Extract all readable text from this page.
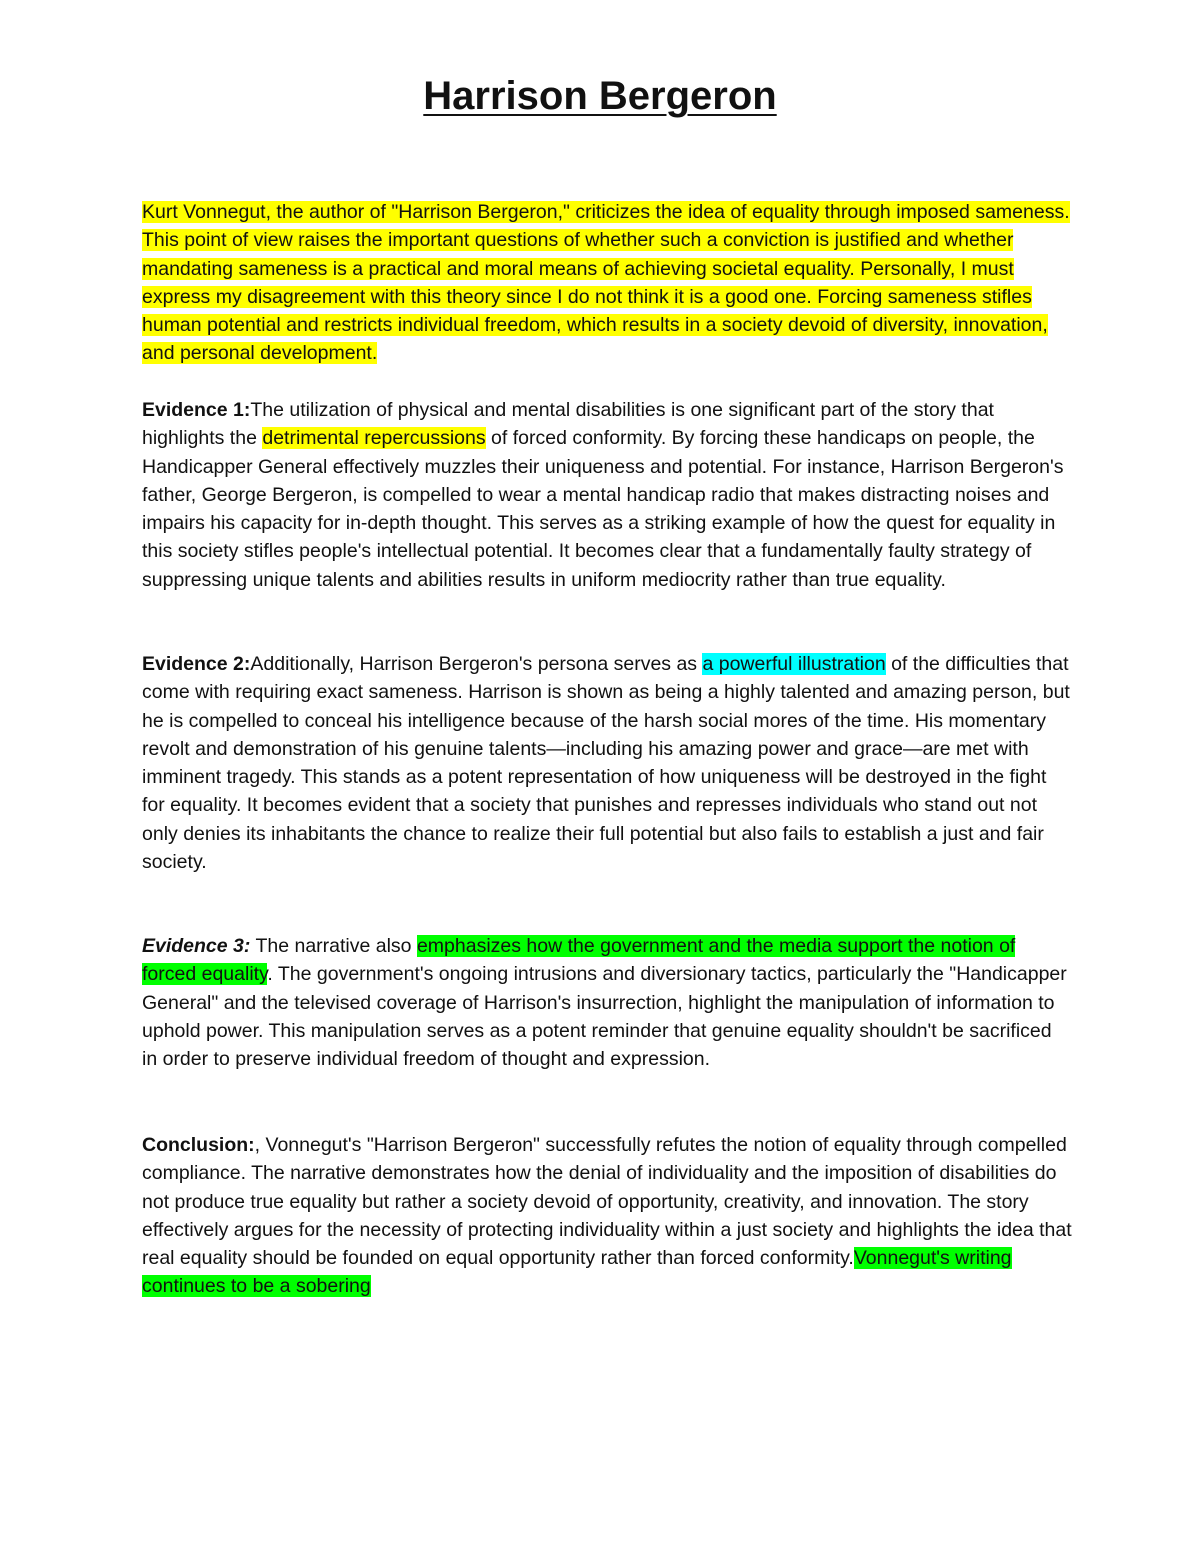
Harrison Bergeron

Kurt Vonnegut, the author of "Harrison Bergeron," criticizes the idea of equality through imposed sameness. This point of view raises the important questions of whether such a conviction is justified and whether mandating sameness is a practical and moral means of achieving societal equality. Personally, I must express my disagreement with this theory since I do not think it is a good one. Forcing sameness stifles human potential and restricts individual freedom, which results in a society devoid of diversity, innovation, and personal development.

Evidence 1:The utilization of physical and mental disabilities is one significant part of the story that highlights the detrimental repercussions of forced conformity. By forcing these handicaps on people, the Handicapper General effectively muzzles their uniqueness and potential. For instance, Harrison Bergeron's father, George Bergeron, is compelled to wear a mental handicap radio that makes distracting noises and impairs his capacity for in-depth thought. This serves as a striking example of how the quest for equality in this society stifles people's intellectual potential. It becomes clear that a fundamentally faulty strategy of suppressing unique talents and abilities results in uniform mediocrity rather than true equality.

Evidence 2:Additionally, Harrison Bergeron's persona serves as a powerful illustration of the difficulties that come with requiring exact sameness. Harrison is shown as being a highly talented and amazing person, but he is compelled to conceal his intelligence because of the harsh social mores of the time. His momentary revolt and demonstration of his genuine talents—including his amazing power and grace—are met with imminent tragedy. This stands as a potent representation of how uniqueness will be destroyed in the fight for equality. It becomes evident that a society that punishes and represses individuals who stand out not only denies its inhabitants the chance to realize their full potential but also fails to establish a just and fair society.

Evidence 3: The narrative also emphasizes how the government and the media support the notion of forced equality. The government's ongoing intrusions and diversionary tactics, particularly the "Handicapper General" and the televised coverage of Harrison's insurrection, highlight the manipulation of information to uphold power. This manipulation serves as a potent reminder that genuine equality shouldn't be sacrificed in order to preserve individual freedom of thought and expression.

Conclusion:, Vonnegut's "Harrison Bergeron" successfully refutes the notion of equality through compelled compliance. The narrative demonstrates how the denial of individuality and the imposition of disabilities do not produce true equality but rather a society devoid of opportunity, creativity, and innovation. The story effectively argues for the necessity of protecting individuality within a just society and highlights the idea that real equality should be founded on equal opportunity rather than forced conformity.Vonnegut's writing continues to be a sobering
